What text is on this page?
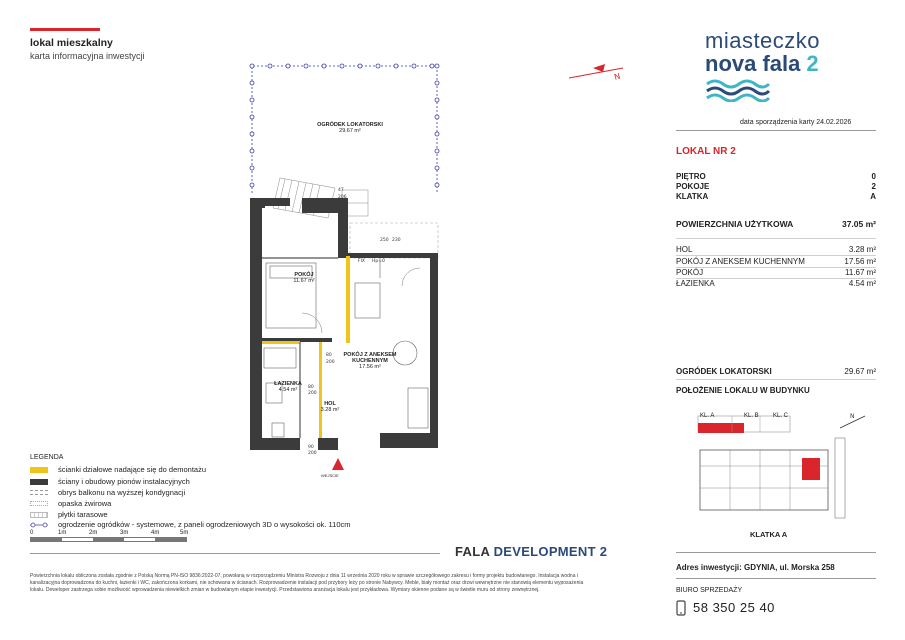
lokal mieszkalny
karta informacyjna inwestycji
N
miasteczko
nova fala 2
data sporządzenia karty 24.02.2026
LOKAL NR 2
PIĘTRO	0
POKOJE	2
KLATKA	A
POWIERZCHNIA UŻYTKOWA	37.05 m²
HOL	3.28 m²
POKÓJ Z ANEKSEM KUCHENNYM	17.56 m²
POKÓJ	11.67 m²
ŁAZIENKA	4.54 m²
OGRÓDEK LOKATORSKI	29.67 m²
POŁOŻENIE LOKALU W BUDYNKU
N
KL. A	KL. B KL. C
KLATKA A
Adres inwestycji: GDYNIA, ul. Morska 258
BIURO SPRZEDAŻY
58 350 25 40
250 230
80
200
90
200
80
200
47
206
FIX Hp=0
OGRÓDEK LOKATORSKI
29.67 m²
POKÓJ
11.67 m²
POKÓJ Z ANEKSEM KUCHENNYM
17.56 m²
ŁAZIENKA
4.54 m²
HOL
3.28 m²
WEJŚCIE
LEGENDA
ścianki działowe nadające się do demontażu
ściany i obudowy pionów instalacyjnych
obrys balkonu na wyższej kondygnacji
opaska żwirowa
płytki tarasowe
ogrodzenie ogródków - systemowe, z paneli ogrodzeniowych 3D o wysokości ok. 110cm
0	1m	2m	3m	4m	5m
FALA DEVELOPMENT 2
Powierzchnia lokalu obliczona została zgodnie z Polską Normą PN-ISO 9836:2022-07, powołaną w rozporządzeniu Ministra Rozwoju z dnia 11 września 2020 roku w sprawie szczegółowego zakresu i formy projektu budowlanego. Instalacja wodna i kanalizacyjna doprowadzona do kuchni, łazienki i WC, zakończona korkami, nie schowana w ścianach. Rozprowadzenie instalacji pod przybory leży po stronie Nabywcy. Meble, biały montaż oraz drzwi wewnętrzne nie stanowią elementu wyposażenia lokalu. Deweloper zastrzega sobie możliwość wprowadzenia niewielkich zmian w budowlanym etapie inwestycji. Przedstawiona aranżacja lokalu jest przykładowa. Wymiary okienne podane są w świetle muru od strony zewnętrznej.
